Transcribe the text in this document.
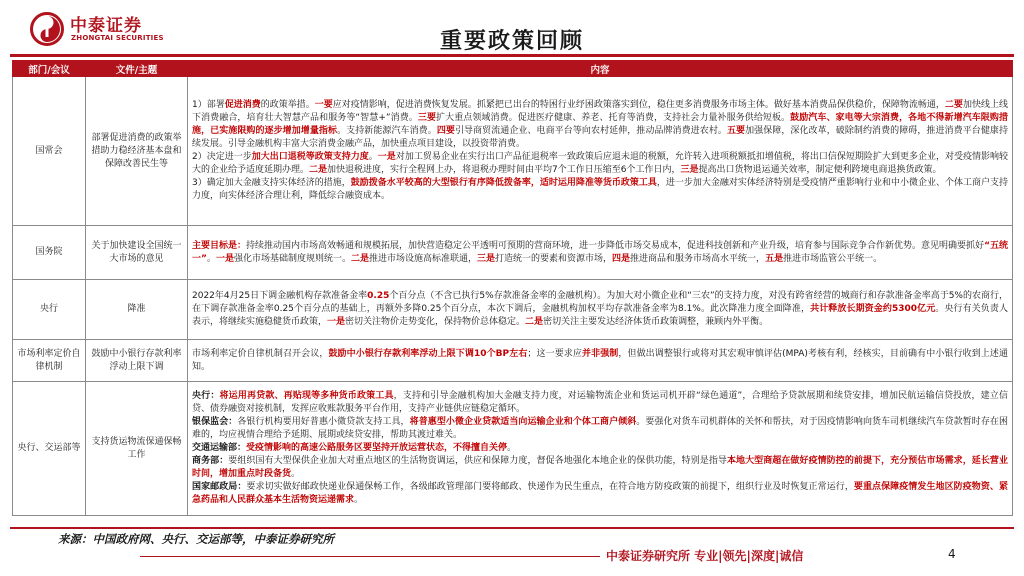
中泰证券
ZHONGTAI SECURITIES	重要政策回顾
部门/会议	文件/主题	内容
国常会	部署促进消费的政策举措助力稳经济基本盘和保障改善民生等	1）部署促进消费的政策举措。一要应对疫情影响，促进消费恢复发展。抓紧把已出台的特困行业纾困政策落实到位，稳住更多消费服务市场主体。做好基本消费品保供稳价，保障物流畅通，二要加快线上线下消费融合，培育壮大智慧产品和服务等“智慧+”消费。三要扩大重点领域消费。促进医疗健康、养老、托育等消费，支持社会力量补服务供给短板。鼓励汽车、家电等大宗消费，各地不得新增汽车限购措施，已实施限购的逐步增加增量指标。支持新能源汽车消费。四要引导商贸流通企业、电商平台等向农村延伸，推动品牌消费进农村。五要加强保障，深化改革，破除制约消费的障碍，推进消费平台健康持续发展。引导金融机构丰富大宗消费金融产品，加快重点项目建设，以投资带消费。
2）决定进一步加大出口退税等政策支持力度。一是对加工贸易企业在实行出口产品征退税率一致政策后应退未退的税额，允许转入进项税额抵扣增值税，将出口信保短期险扩大到更多企业，对受疫情影响较大的企业给予适度延期办理。二是加快退税进度，实行全程网上办，将退税办理时间由平均7个工作日压缩至6个工作日内，三是提高出口货物退运通关效率，制定便利跨境电商退换货政策。
3）确定加大金融支持实体经济的措施，鼓励拨备水平较高的大型银行有序降低拨备率，适时运用降准等货币政策工具，进一步加大金融对实体经济特别是受疫情严重影响行业和中小微企业、个体工商户支持力度，向实体经济合理让利，降低综合融资成本。

国务院	关于加快建设全国统一大市场的意见	主要目标是：持续推动国内市场高效畅通和规模拓展，加快营造稳定公平透明可预期的营商环境，进一步降低市场交易成本，促进科技创新和产业升级，培育参与国际竞争合作新优势。意见明确要抓好“五统一”。一是强化市场基础制度规则统一。二是推进市场设施高标准联通，三是打造统一的要素和资源市场，四是推进商品和服务市场高水平统一，五是推进市场监管公平统一。

央行	降准	2022年4月25日下调金融机构存款准备金率0.25个百分点（不含已执行5%存款准备金率的金融机构）。为加大对小微企业和“三农”的支持力度，对没有跨省经营的城商行和存款准备金率高于5%的农商行，在下调存款准备金率0.25个百分点的基础上，再额外多降0.25个百分点，本次下调后，金融机构加权平均存款准备金率为8.1%。此次降准力度全面降准，共计释放长期资金约5300亿元。央行有关负责人表示，将继续实施稳健货币政策，一是密切关注物价走势变化，保持物价总体稳定。二是密切关注主要发达经济体货币政策调整，兼顾内外平衡。

市场利率定价自律机制	鼓励中小银行存款利率浮动上限下调	市场利率定价自律机制召开会议，鼓励中小银行存款利率浮动上限下调10个BP左右；这一要求应并非强制，但做出调整银行或将对其宏观审慎评估(MPA)考核有利，经核实，目前确有中小银行收到上述通知。

央行、交运部等	支持货运物流保通保畅工作	央行：将运用再贷款、再贴现等多种货币政策工具，支持和引导金融机构加大金融支持力度，对运输物流企业和货运司机开辟“绿色通道”，合理给予贷款展期和续贷安排，增加民航运输信贷投放，建立信贷、债券融资对接机制，发挥应收账款服务平台作用，支持产业链供应链稳定循环。
银保监会：各银行机构要用好普惠小微贷款支持工具，将普惠型小微企业贷款适当向运输企业和个体工商户倾斜。要强化对货车司机群体的关怀和帮扶，对于因疫情影响向货车司机继续汽车贷款暂时存在困难的，均应视情合理给予延期、展期或续贷安排，帮助其渡过难关。
交通运输部：受疫情影响的高速公路服务区要坚持开放运营状态，不得擅自关停。
商务部：要组织国有大型保供企业加大对重点地区的生活物资调运，供应和保障力度，督促各地强化本地企业的保供功能，特别是指导本地大型商超在做好疫情防控的前提下，充分预估市场需求，延长营业时间，增加重点时段备货。
国家邮政局：要求切实做好邮政快递业保通保畅工作，各级邮政管理部门要将邮政、快递作为民生重点，在符合地方防疫政策的前提下，组织行业及时恢复正常运行，要重点保障疫情发生地区防疫物资、紧急药品和人民群众基本生活物资运递需求。
来源：中国政府网、央行、交运部等，中泰证券研究所
中泰证券研究所 专业|领先|深度|诚信	4
